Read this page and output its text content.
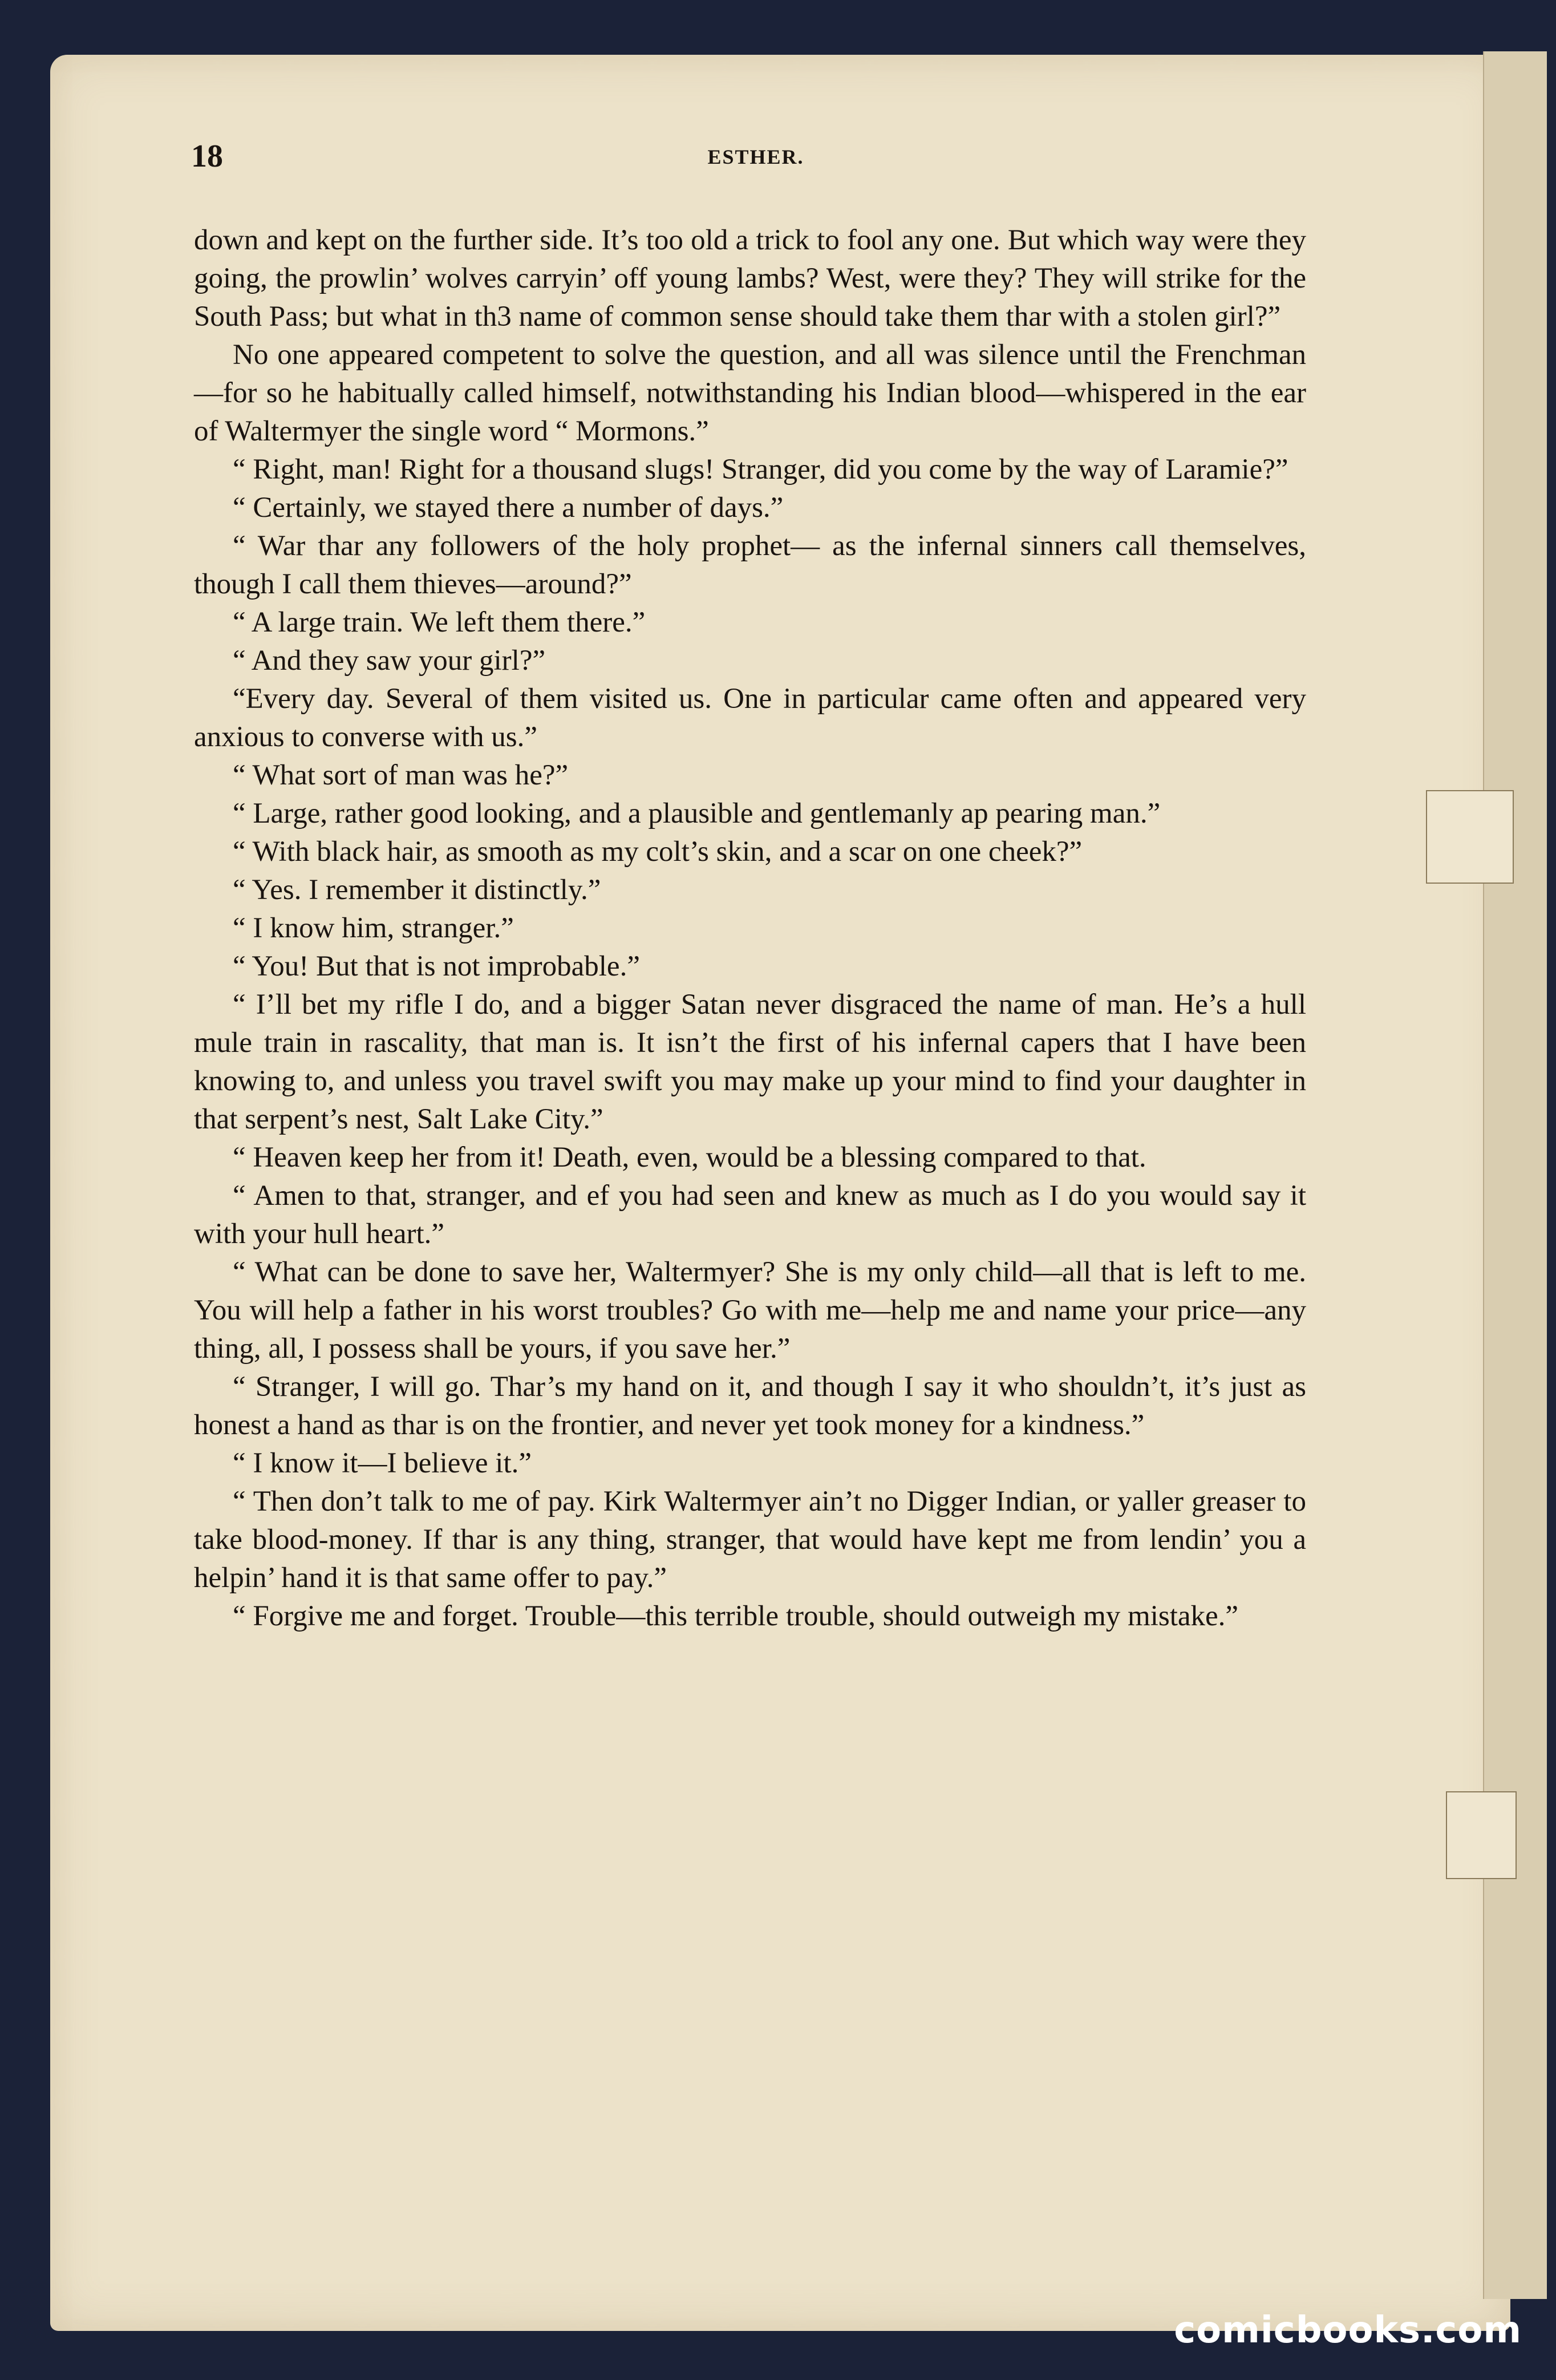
18	ESTHER.

down and kept on the further side. It’s too old a trick to fool any one. But which way were they going, the prowlin’ wolves carryin’ off young lambs? West, were they? They will strike for the South Pass; but what in th3 name of common sense should take them thar with a stolen girl?”

No one appeared competent to solve the question, and all was silence until the Frenchman—for so he habitually called himself, notwithstanding his Indian blood—whispered in the ear of Waltermyer the single word “ Mormons.”

“ Right, man! Right for a thousand slugs! Stranger, did you come by the way of Laramie?”

“ Certainly, we stayed there a number of days.”

“ War thar any followers of the holy prophet— as the infernal sinners call themselves, though I call them thieves—around?”

“ A large train. We left them there.”

“ And they saw your girl?”

“Every day. Several of them visited us. One in particular came often and appeared very anxious to converse with us.”

“ What sort of man was he?”

“ Large, rather good looking, and a plausible and gentlemanly ap pearing man.”

“ With black hair, as smooth as my colt’s skin, and a scar on one cheek?”

“ Yes. I remember it distinctly.”

“ I know him, stranger.”

“ You! But that is not improbable.”

“ I’ll bet my rifle I do, and a bigger Satan never disgraced the name of man. He’s a hull mule train in rascality, that man is. It isn’t the first of his infernal capers that I have been knowing to, and unless you travel swift you may make up your mind to find your daughter in that serpent’s nest, Salt Lake City.”

“ Heaven keep her from it! Death, even, would be a blessing compared to that.

“ Amen to that, stranger, and ef you had seen and knew as much as I do you would say it with your hull heart.”

“ What can be done to save her, Waltermyer? She is my only child—all that is left to me. You will help a father in his worst troubles? Go with me—help me and name your price—any thing, all, I possess shall be yours, if you save her.”

“ Stranger, I will go. Thar’s my hand on it, and though I say it who shouldn’t, it’s just as honest a hand as thar is on the frontier, and never yet took money for a kindness.”

“ I know it—I believe it.”

“ Then don’t talk to me of pay. Kirk Waltermyer ain’t no Digger Indian, or yaller greaser to take blood-money. If thar is any thing, stranger, that would have kept me from lendin’ you a helpin’ hand it is that same offer to pay.”

“ Forgive me and forget. Trouble—this terrible trouble, should outweigh my mistake.”

comicbooks.com
